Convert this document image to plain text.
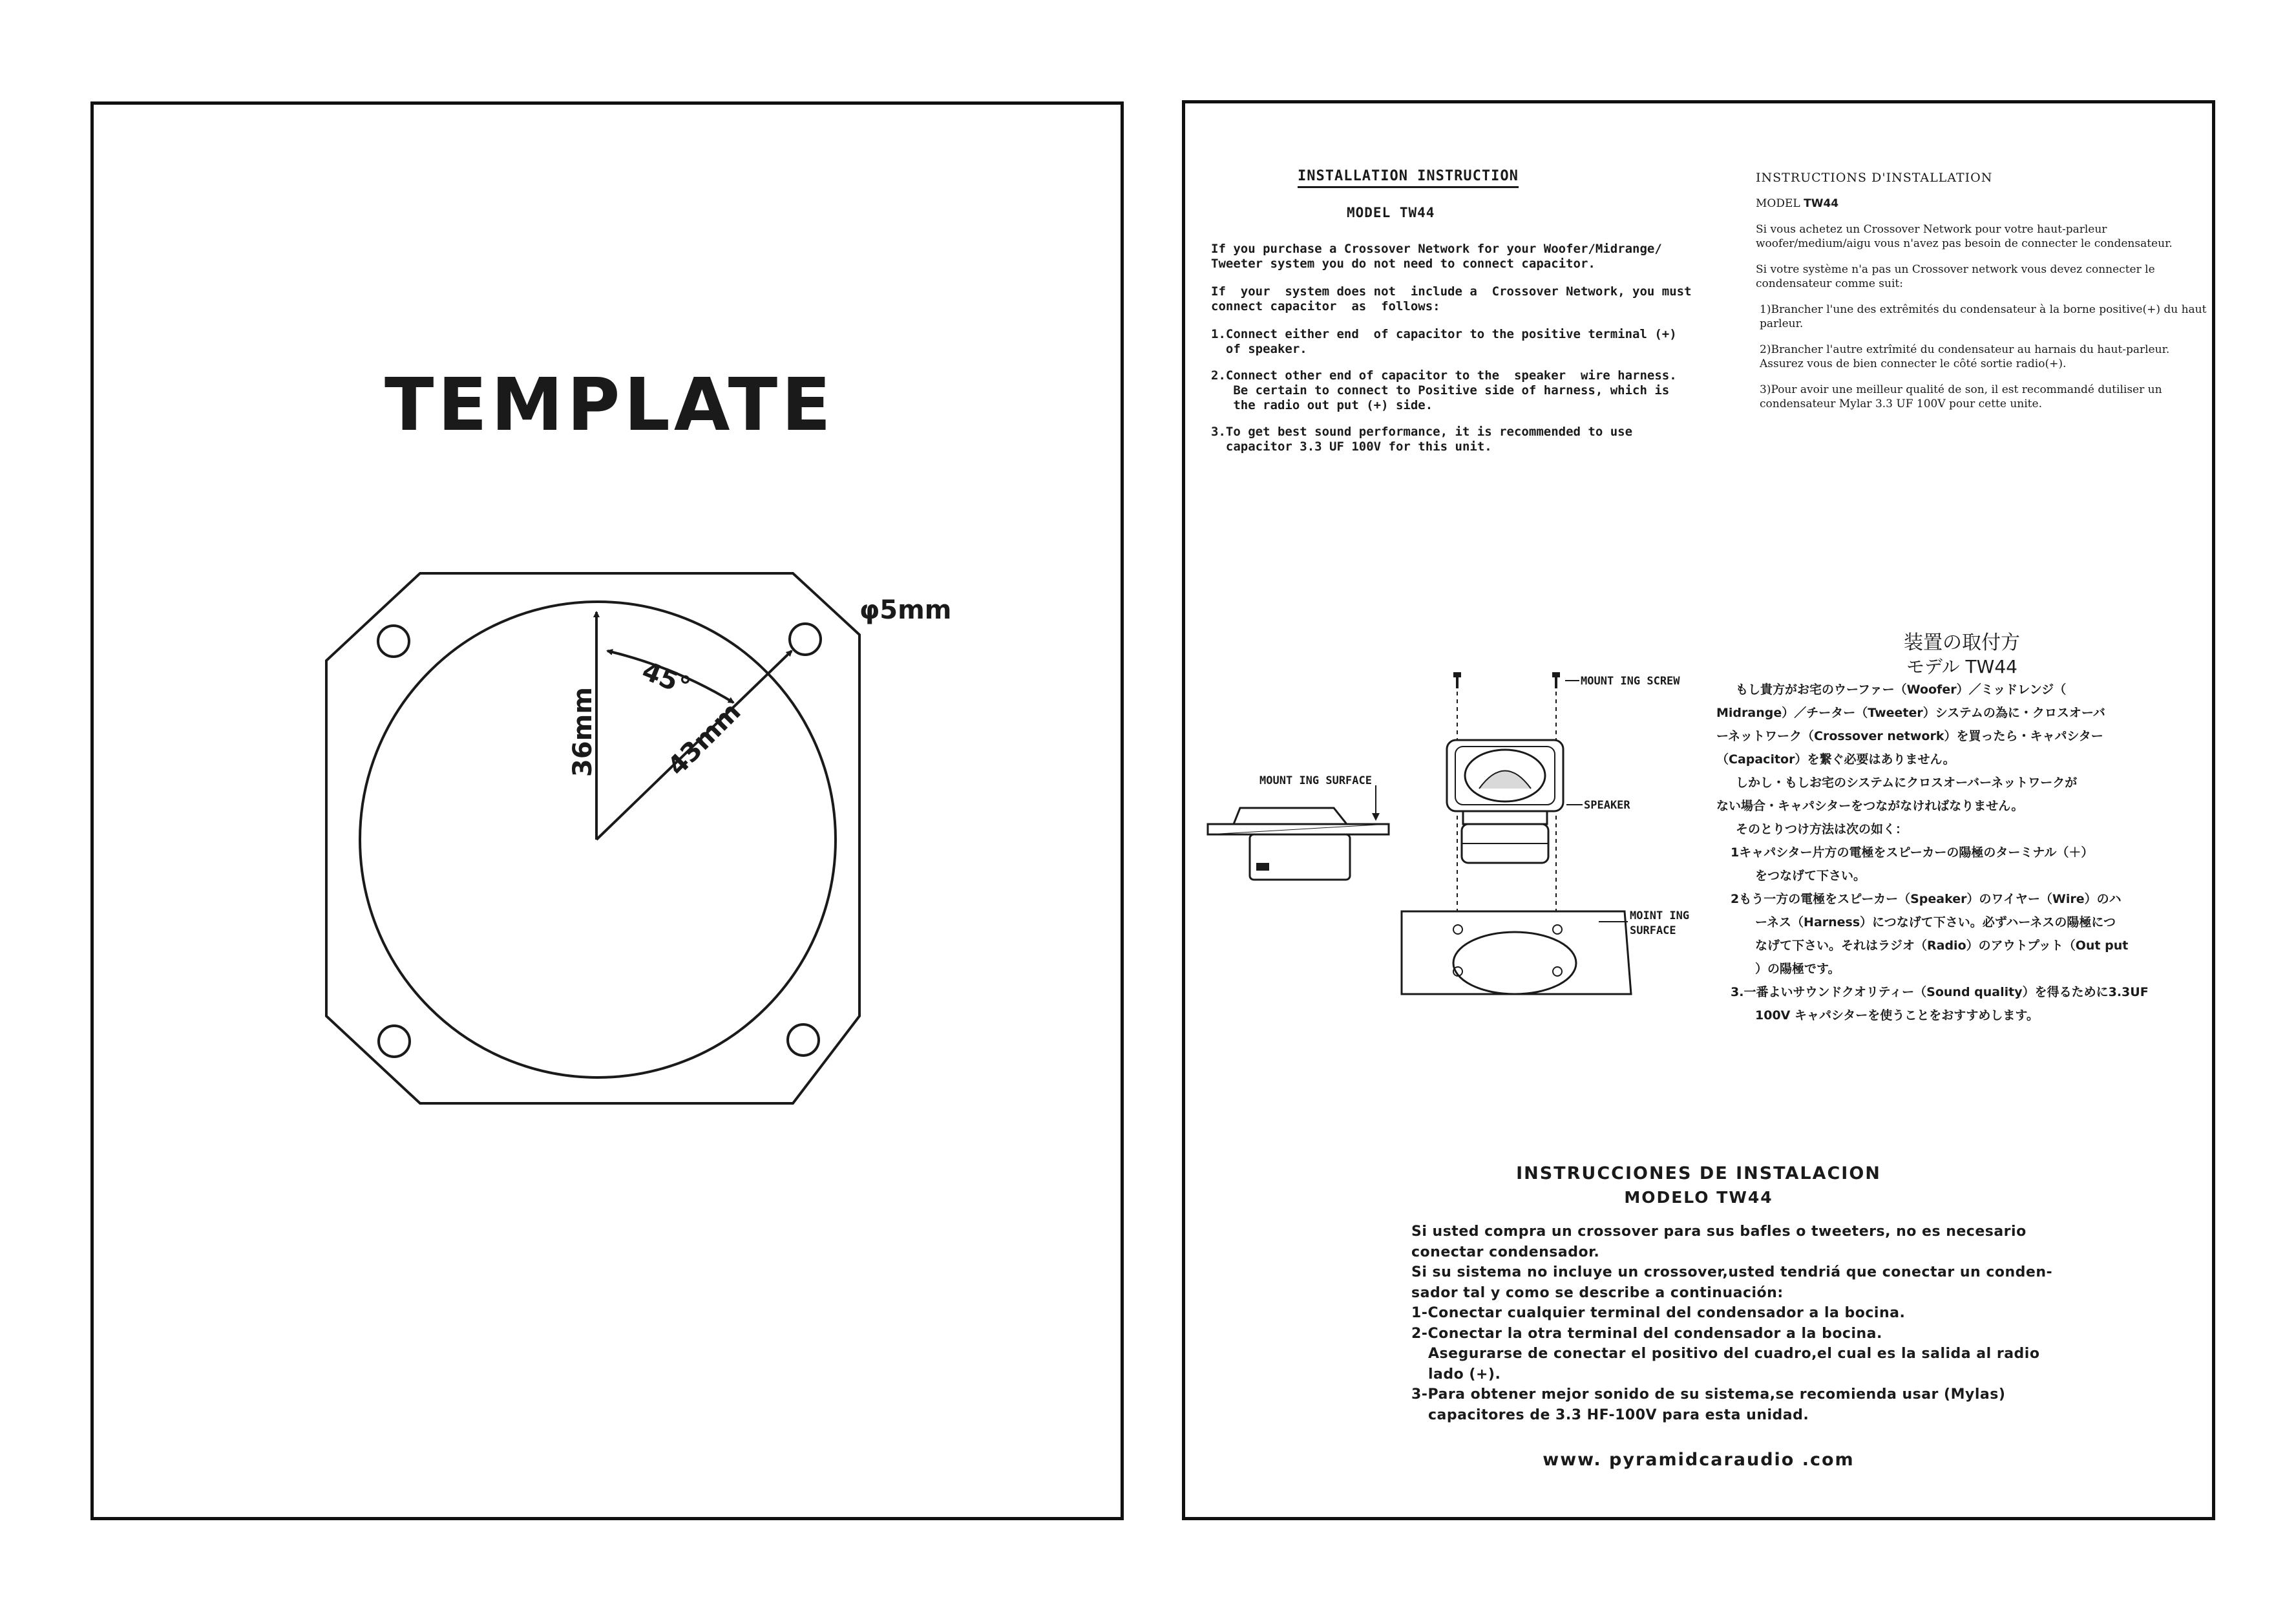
TEMPLATE
45°
36mm 43mm
φ5mm
INSTALLATION INSTRUCTION
MODEL TW44

If you purchase a Crossover Network for your Woofer/Midrange/
Tweeter system you do not need to connect capacitor.

If  your  system does not  include a  Crossover Network, you must
connect capacitor  as  follows:

1.Connect either end  of capacitor to the positive terminal (+)
of speaker.

2.Connect other end of capacitor to the  speaker  wire harness.
Be certain to connect to Positive side of harness, which is
the radio out put (+) side.

3.To get best sound performance, it is recommended to use
capacitor 3.3 UF 100V for this unit.

INSTRUCTIONS D'INSTALLATION

MODEL TW44

Si vous achetez un Crossover Network pour votre haut-parleur woofer/medium/aigu vous n'avez pas besoin de connecter le condensateur.

Si votre système n'a pas un Crossover network vous devez connecter le condensateur comme suit:

1)Brancher l'une des extrêmités du condensateur à la borne positive(+) du haut parleur.

2)Brancher l'autre extrîmité du condensateur au harnais du haut-parleur. Assurez vous de bien connecter le côté sortie radio(+).

3)Pour avoir une meilleur qualité de son, il est recommandé dutiliser un condensateur Mylar 3.3 UF 100V pour cette unite.

MOUNT ING SURFACE
MOUNT ING SCREW
SPEAKER
MOINT ING
SURFACE

装置の取付方

モデル TW44

もし貴方がお宅のウーファー（Woofer）／ミッドレンジ（

Midrange）／チーター（Tweeter）システムの為に・クロスオーバ

ーネットワーク（Crossover network）を買ったら・キャパシター

（Capacitor）を繋ぐ必要はありません。

しかし・もしお宅のシステムにクロスオーバーネットワークが

ない場合・キャパシターをつながなければなりません。

そのとりつけ方法は次の如く：

1キャパシター片方の電極をスピーカーの陽極のターミナル（＋）

をつなげて下さい。

2もう一方の電極をスピーカー（Speaker）のワイヤー（Wire）のハ

ーネス（Harness）につなげて下さい。必ずハーネスの陽極につ

なげて下さい。それはラジオ（Radio）のアウトプット（Out put

）の陽極です。

3.一番よいサウンドクオリティー（Sound quality）を得るために3.3UF

100V キャパシターを使うことをおすすめします。

INSTRUCCIONES DE INSTALACION
MODELO TW44

Si usted compra un crossover para sus bafles o tweeters, no es necesario

conectar condensador.

Si su sistema no incluye un crossover,usted tendriá que conectar un conden-

sador tal y como se describe a continuación:

1-Conectar cualquier terminal del condensador a la bocina.

2-Conectar la otra terminal del condensador a la bocina.

Asegurarse de conectar el positivo del cuadro,el cual es la salida al radio

lado (+).

3-Para obtener mejor sonido de su sistema,se recomienda usar (Mylas)

capacitores de 3.3 HF-100V para esta unidad.

www. pyramidcaraudio .com
